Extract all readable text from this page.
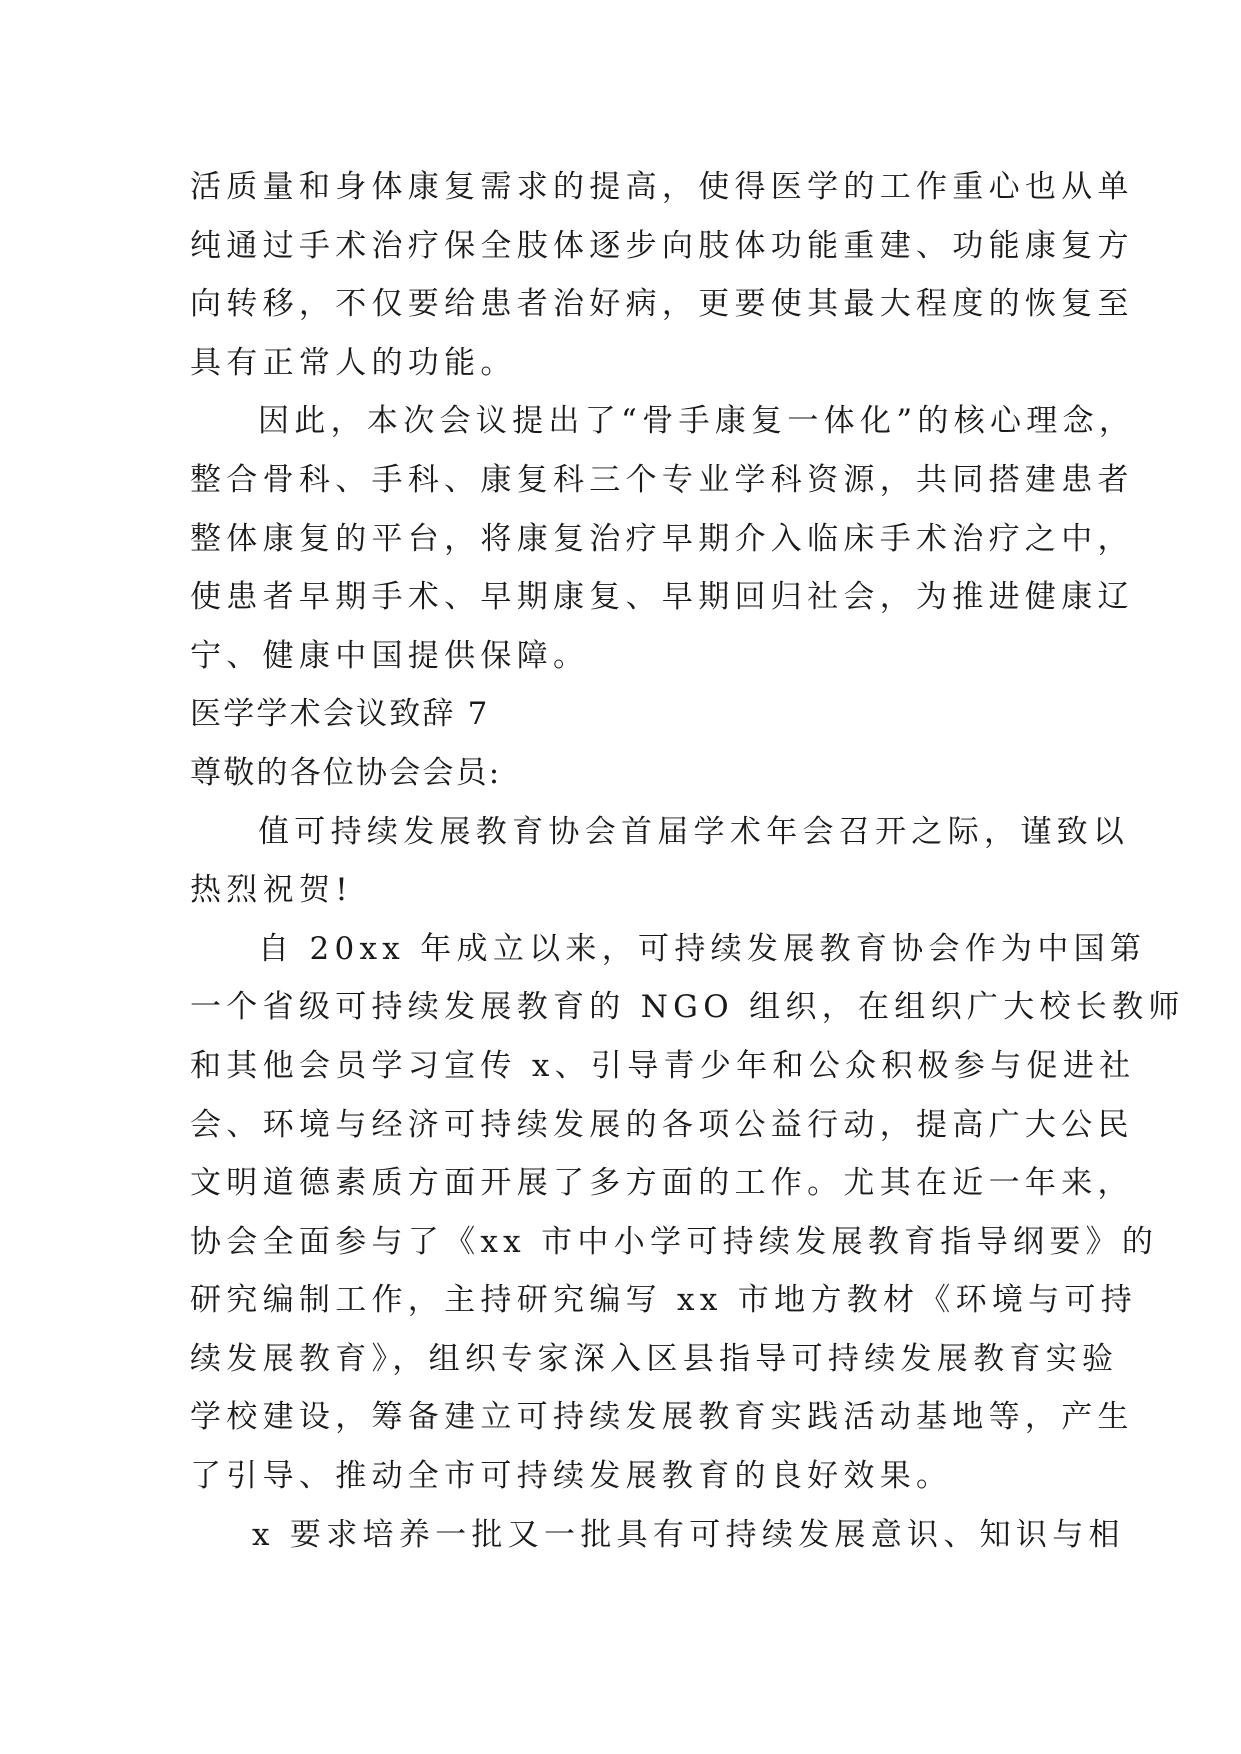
活质量和身体康复需求的提高，使得医学的工作重心也从单
纯通过手术治疗保全肢体逐步向肢体功能重建、功能康复方
向转移，不仅要给患者治好病，更要使其最大程度的恢复至
具有正常人的功能。
因此，本次会议提出了“骨手康复一体化”的核心理念，
整合骨科、手科、康复科三个专业学科资源，共同搭建患者
整体康复的平台，将康复治疗早期介入临床手术治疗之中，
使患者早期手术、早期康复、早期回归社会，为推进健康辽
宁、健康中国提供保障。
医学学术会议致辞 7
尊敬的各位协会会员:
值可持续发展教育协会首届学术年会召开之际，谨致以
热烈祝贺!
自 20xx 年成立以来，可持续发展教育协会作为中国第
一个省级可持续发展教育的 NGO 组织，在组织广大校长教师
和其他会员学习宣传 x、引导青少年和公众积极参与促进社
会、环境与经济可持续发展的各项公益行动，提高广大公民
文明道德素质方面开展了多方面的工作。尤其在近一年来，
协会全面参与了《xx 市中小学可持续发展教育指导纲要》的
研究编制工作，主持研究编写 xx 市地方教材《环境与可持
续发展教育》，组织专家深入区县指导可持续发展教育实验
学校建设，筹备建立可持续发展教育实践活动基地等，产生
了引导、推动全市可持续发展教育的良好效果。
x 要求培养一批又一批具有可持续发展意识、知识与相
